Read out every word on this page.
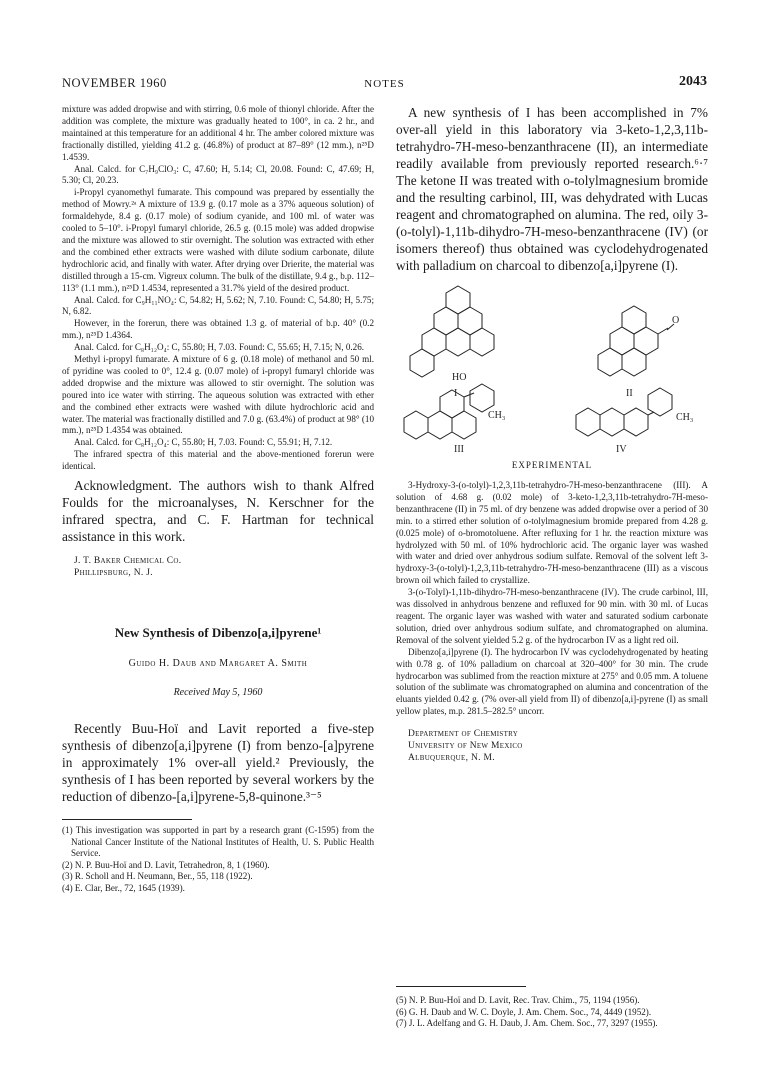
NOVEMBER 1960	NOTES	2043

mixture was added dropwise and with stirring, 0.6 mole of thionyl chloride. After the addition was complete, the mixture was gradually heated to 100°, in ca. 2 hr., and maintained at this temperature for an additional 4 hr. The amber colored mixture was fractionally distilled, yielding 41.2 g. (46.8%) of product at 87–89° (12 mm.), n²⁵D 1.4539.

Anal. Calcd. for C₇H₉ClO₃: C, 47.60; H, 5.14; Cl, 20.08. Found: C, 47.69; H, 5.30; Cl, 20.23.

i-Propyl cyanomethyl fumarate. This compound was prepared by essentially the method of Mowry.²ᵃ A mixture of 13.9 g. (0.17 mole as a 37% aqueous solution) of formaldehyde, 8.4 g. (0.17 mole) of sodium cyanide, and 100 ml. of water was cooled to 5–10°. i-Propyl fumaryl chloride, 26.5 g. (0.15 mole) was added dropwise and the mixture was allowed to stir overnight. The solution was extracted with ether and the combined ether extracts were washed with dilute sodium carbonate, dilute hydrochloric acid, and finally with water. After drying over Drierite, the material was distilled through a 15-cm. Vigreux column. The bulk of the distillate, 9.4 g., b.p. 112–113° (1.1 mm.), n²⁵D 1.4534, represented a 31.7% yield of the desired product.

Anal. Calcd. for C₉H₁₁NO₄: C, 54.82; H, 5.62; N, 7.10. Found: C, 54.80; H, 5.75; N, 6.82.

However, in the forerun, there was obtained 1.3 g. of material of b.p. 40° (0.2 mm.), n²⁵D 1.4364.

Anal. Calcd. for C₈H₁₂O₄: C, 55.80; H, 7.03. Found: C, 55.65; H, 7.15; N, 0.26.

Methyl i-propyl fumarate. A mixture of 6 g. (0.18 mole) of methanol and 50 ml. of pyridine was cooled to 0°, 12.4 g. (0.07 mole) of i-propyl fumaryl chloride was added dropwise and the mixture was allowed to stir overnight. The solution was poured into ice water with stirring. The aqueous solution was extracted with ether and the combined ether extracts were washed with dilute hydrochloric acid and water. The material was fractionally distilled and 7.0 g. (63.4%) of product at 98° (10 mm.), n²⁵D 1.4354 was obtained.

Anal. Calcd. for C₈H₁₂O₄: C, 55.80; H, 7.03. Found: C, 55.91; H, 7.12.

The infrared spectra of this material and the above-mentioned forerun were identical.

Acknowledgment. The authors wish to thank Alfred Foulds for the microanalyses, N. Kerschner for the infrared spectra, and C. F. Hartman for technical assistance in this work.

J. T. Baker Chemical Co.
Phillipsburg, N. J.
New Synthesis of Dibenzo[a,i]pyrene¹
Guido H. Daub and Margaret A. Smith
Received May 5, 1960

Recently Buu-Hoï and Lavit reported a five-step synthesis of dibenzo[a,i]pyrene (I) from benzo-[a]pyrene in approximately 1% over-all yield.² Previously, the synthesis of I has been reported by several workers by the reduction of dibenzo-[a,i]pyrene-5,8-quinone.³⁻⁵

(1) This investigation was supported in part by a research grant (C-1595) from the National Cancer Institute of the National Institutes of Health, U. S. Public Health Service.

(2) N. P. Buu-Hoï and D. Lavit, Tetrahedron, 8, 1 (1960).

(3) R. Scholl and H. Neumann, Ber., 55, 118 (1922).

(4) E. Clar, Ber., 72, 1645 (1939).

A new synthesis of I has been accomplished in 7% over-all yield in this laboratory via 3-keto-1,2,3,11b-tetrahydro-7H-meso-benzanthracene (II), an intermediate readily available from previously reported research.⁶·⁷ The ketone II was treated with o-tolylmagnesium bromide and the resulting carbinol, III, was dehydrated with Lucas reagent and chromatographed on alumina. The red, oily 3-(o-tolyl)-1,11b-dihydro-7H-meso-benzanthracene (IV) (or isomers thereof) thus obtained was cyclodehydrogenated with palladium on charcoal to dibenzo[a,i]pyrene (I).

I	II
O
HO
CH₃	CH₃
III	IV
EXPERIMENTAL

3-Hydroxy-3-(o-tolyl)-1,2,3,11b-tetrahydro-7H-meso-benzanthracene (III). A solution of 4.68 g. (0.02 mole) of 3-keto-1,2,3,11b-tetrahydro-7H-meso-benzanthracene (II) in 75 ml. of dry benzene was added dropwise over a period of 30 min. to a stirred ether solution of o-tolylmagnesium bromide prepared from 4.28 g. (0.025 mole) of o-bromotoluene. After refluxing for 1 hr. the reaction mixture was hydrolyzed with 50 ml. of 10% hydrochloric acid. The organic layer was washed with water and dried over anhydrous sodium sulfate. Removal of the solvent left 3-hydroxy-3-(o-tolyl)-1,2,3,11b-tetrahydro-7H-meso-benzanthracene (III) as a viscous brown oil which failed to crystallize.

3-(o-Tolyl)-1,11b-dihydro-7H-meso-benzanthracene (IV). The crude carbinol, III, was dissolved in anhydrous benzene and refluxed for 90 min. with 30 ml. of Lucas reagent. The organic layer was washed with water and saturated sodium carbonate solution, dried over anhydrous sodium sulfate, and chromatographed on alumina. Removal of the solvent yielded 5.2 g. of the hydrocarbon IV as a light red oil.

Dibenzo[a,i]pyrene (I). The hydrocarbon IV was cyclodehydrogenated by heating with 0.78 g. of 10% palladium on charcoal at 320–400° for 30 min. The crude hydrocarbon was sublimed from the reaction mixture at 275° and 0.05 mm. A toluene solution of the sublimate was chromatographed on alumina and concentration of the eluants yielded 0.42 g. (7% over-all yield from II) of dibenzo[a,i]-pyrene (I) as small yellow plates, m.p. 281.5–282.5° uncorr.

Department of Chemistry
University of New Mexico
Albuquerque, N. M.

(5) N. P. Buu-Hoï and D. Lavit, Rec. Trav. Chim., 75, 1194 (1956).

(6) G. H. Daub and W. C. Doyle, J. Am. Chem. Soc., 74, 4449 (1952).

(7) J. L. Adelfang and G. H. Daub, J. Am. Chem. Soc., 77, 3297 (1955).
